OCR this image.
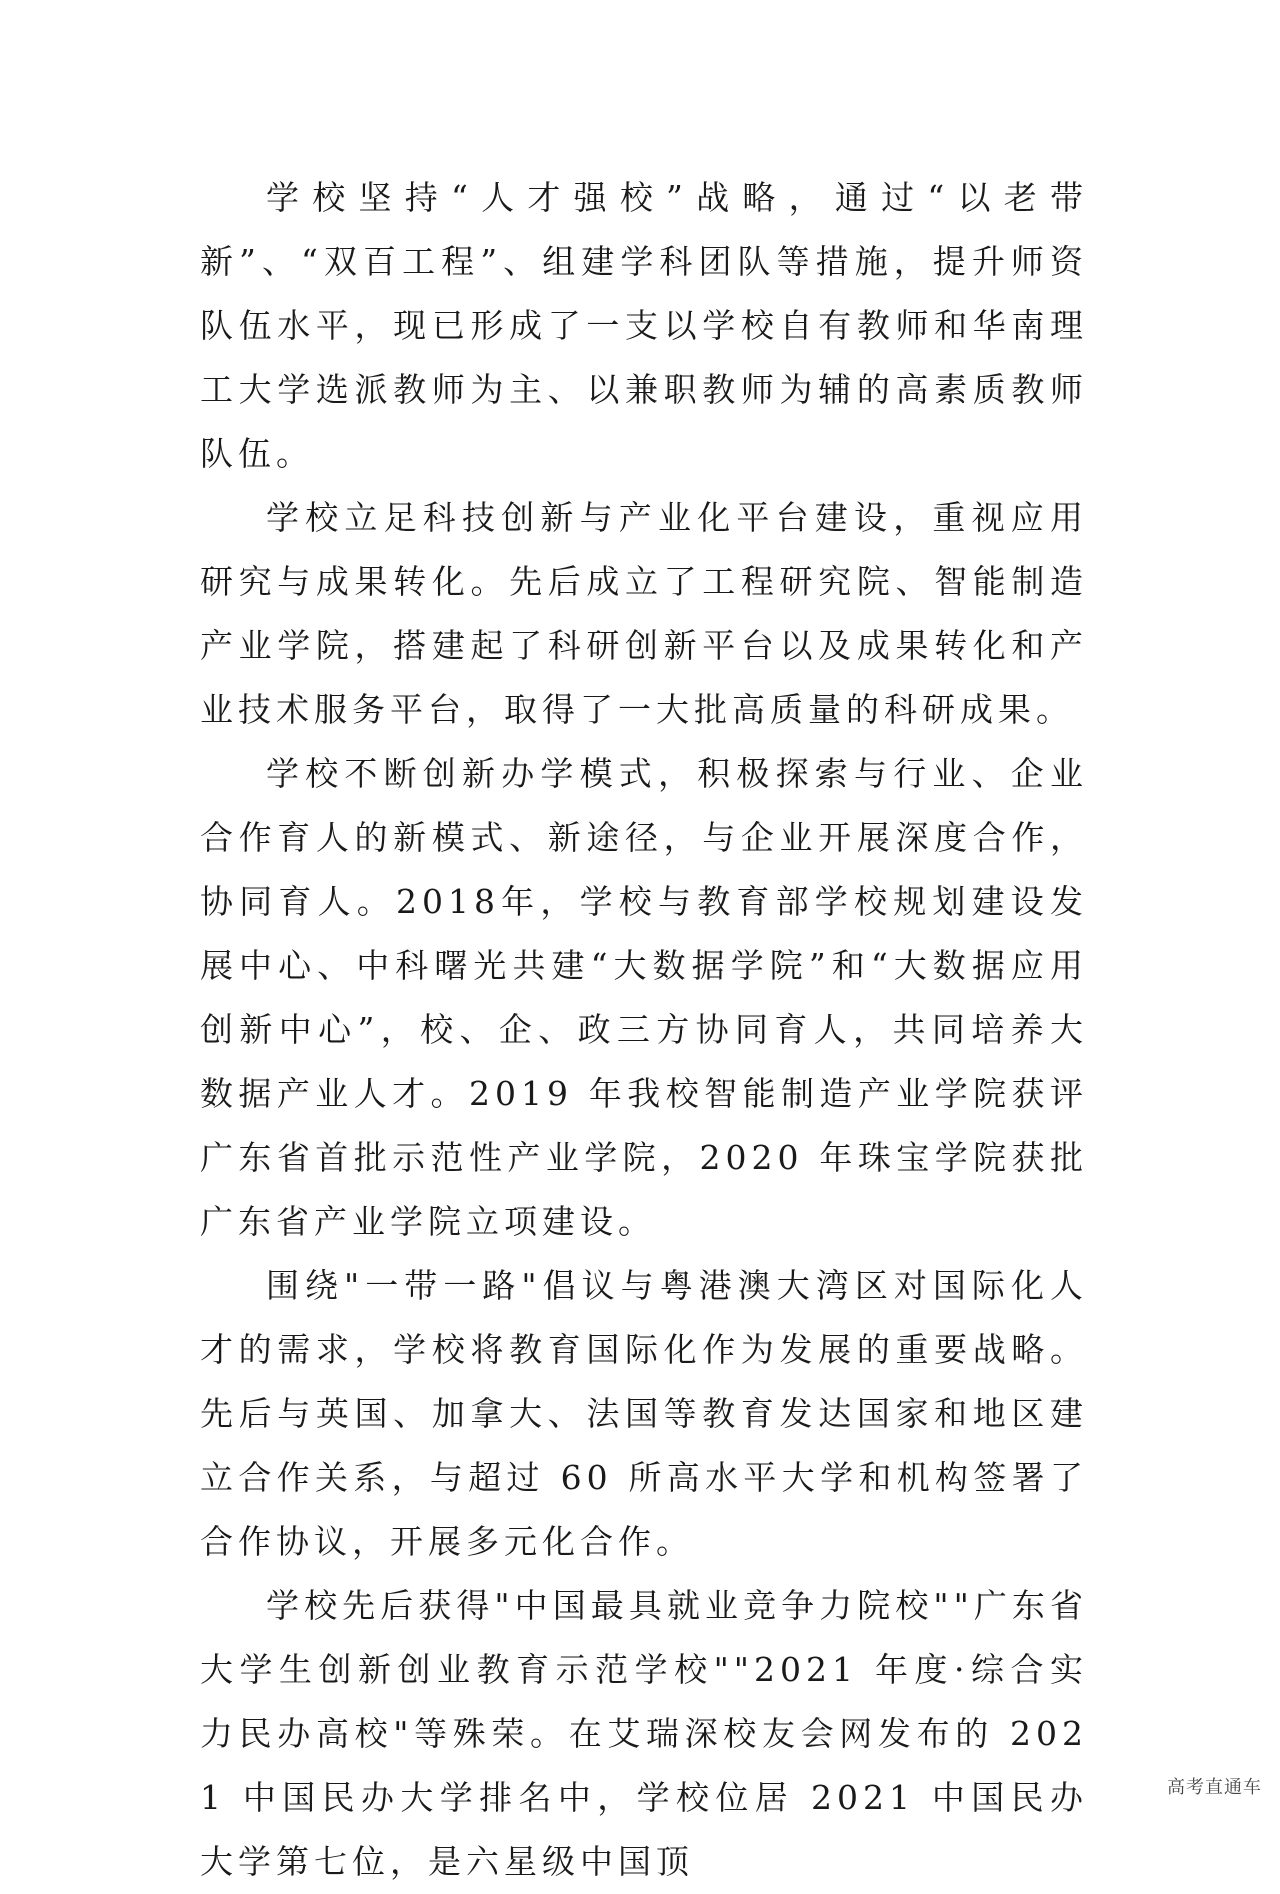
学校坚持“人才强校”战略，通过“以老带新”、“双百工程”、组建学科团队等措施，提升师资队伍水平，现已形成了一支以学校自有教师和华南理工大学选派教师为主、以兼职教师为辅的高素质教师队伍。

学校立足科技创新与产业化平台建设，重视应用研究与成果转化。先后成立了工程研究院、智能制造产业学院，搭建起了科研创新平台以及成果转化和产业技术服务平台，取得了一大批高质量的科研成果。

学校不断创新办学模式，积极探索与行业、企业合作育人的新模式、新途径，与企业开展深度合作，协同育人。2018年，学校与教育部学校规划建设发展中心、中科曙光共建“大数据学院”和“大数据应用创新中心”，校、企、政三方协同育人，共同培养大数据产业人才。2019 年我校智能制造产业学院获评广东省首批示范性产业学院，2020 年珠宝学院获批广东省产业学院立项建设。

围绕"一带一路"倡议与粤港澳大湾区对国际化人才的需求，学校将教育国际化作为发展的重要战略。先后与英国、加拿大、法国等教育发达国家和地区建立合作关系，与超过 60 所高水平大学和机构签署了合作协议，开展多元化合作。

学校先后获得"中国最具就业竞争力院校""广东省大学生创新创业教育示范学校""2021 年度·综合实力民办高校"等殊荣。在艾瑞深校友会网发布的 2021 中国民办大学排名中，学校位居 2021 中国民办大学第七位，是六星级中国顶

高考直通车
